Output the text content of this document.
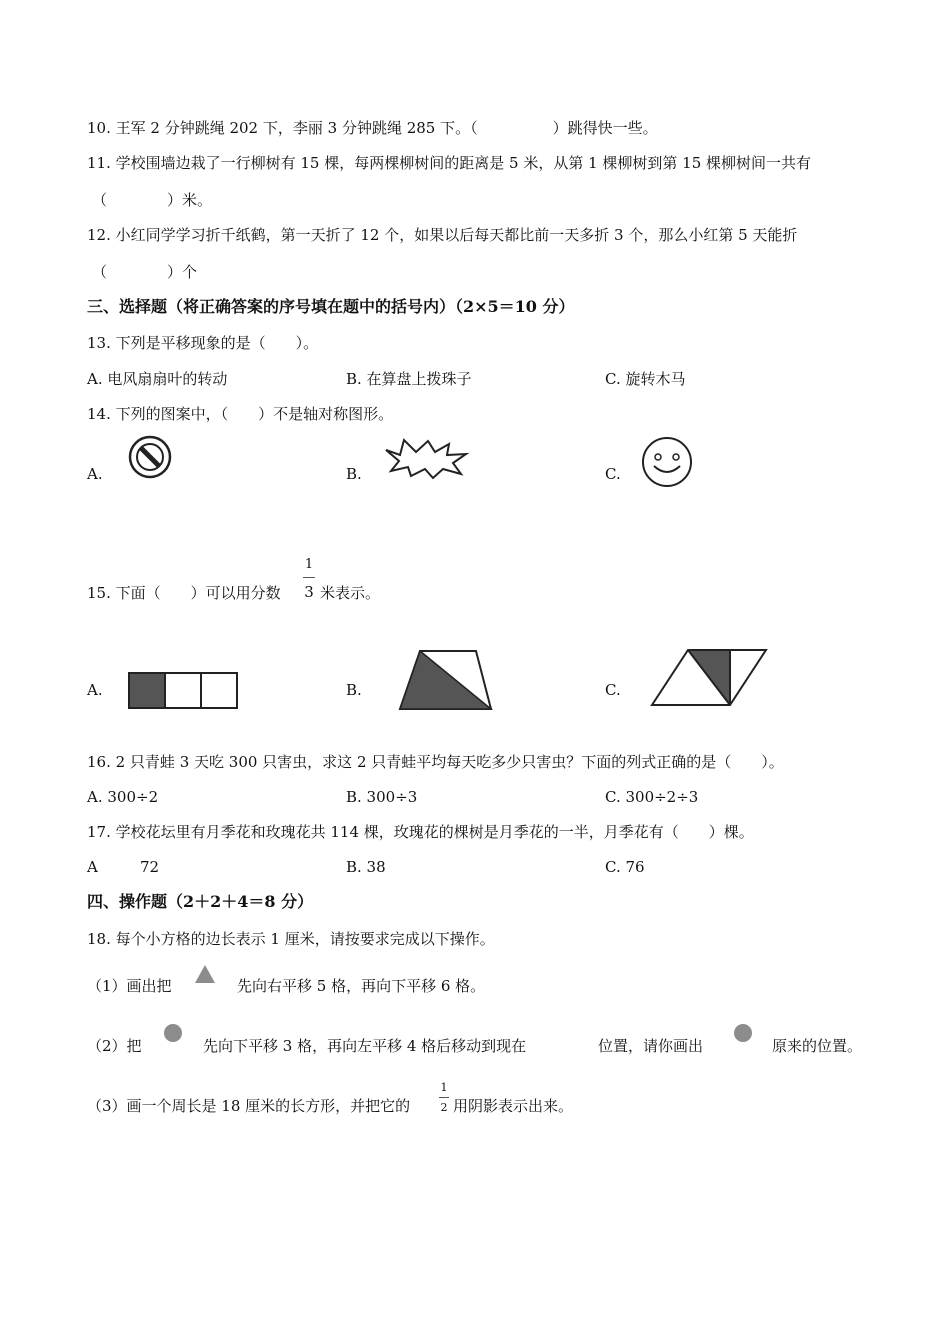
10. 王军 2 分钟跳绳 202 下，李丽 3 分钟跳绳 285 下。（　　　　　）跳得快一些。
11. 学校围墙边栽了一行柳树有 15 棵，每两棵柳树间的距离是 5 米，从第 1 棵柳树到第 15 棵柳树间一共有
（　　　　）米。
12. 小红同学学习折千纸鹤，第一天折了 12 个，如果以后每天都比前一天多折 3 个，那么小红第 5 天能折
（　　　　）个
三、选择题（将正确答案的序号填在题中的括号内）（2×5＝10 分）
13. 下列是平移现象的是（　　）。
A. 电风扇扇叶的转动	B. 在算盘上拨珠子	C. 旋转木马
14. 下列的图案中，（　　）不是轴对称图形。
A.	B.	C.
15. 下面（　　）可以用分数
1
3 米表示。
A.	B.	C.
16. 2 只青蛙 3 天吃 300 只害虫，求这 2 只青蛙平均每天吃多少只害虫？下面的列式正确的是（　　）。
A. 300÷2	B. 300÷3	C. 300÷2÷3
17. 学校花坛里有月季花和玫瑰花共 114 棵，玫瑰花的棵树是月季花的一半，月季花有（　　）棵。
A	72	B. 38	C. 76
四、操作题（2＋2＋4＝8 分）
18. 每个小方格的边长表示 1 厘米，请按要求完成以下操作。
（1）画出把	先向右平移 5 格，再向下平移 6 格。
（2）把	先向下平移 3 格，再向左平移 4 格后移动到现在	位置，请你画出	原来的位置。
（3）画一个周长是 18 厘米的长方形，并把它的
1
2 用阴影表示出来。
